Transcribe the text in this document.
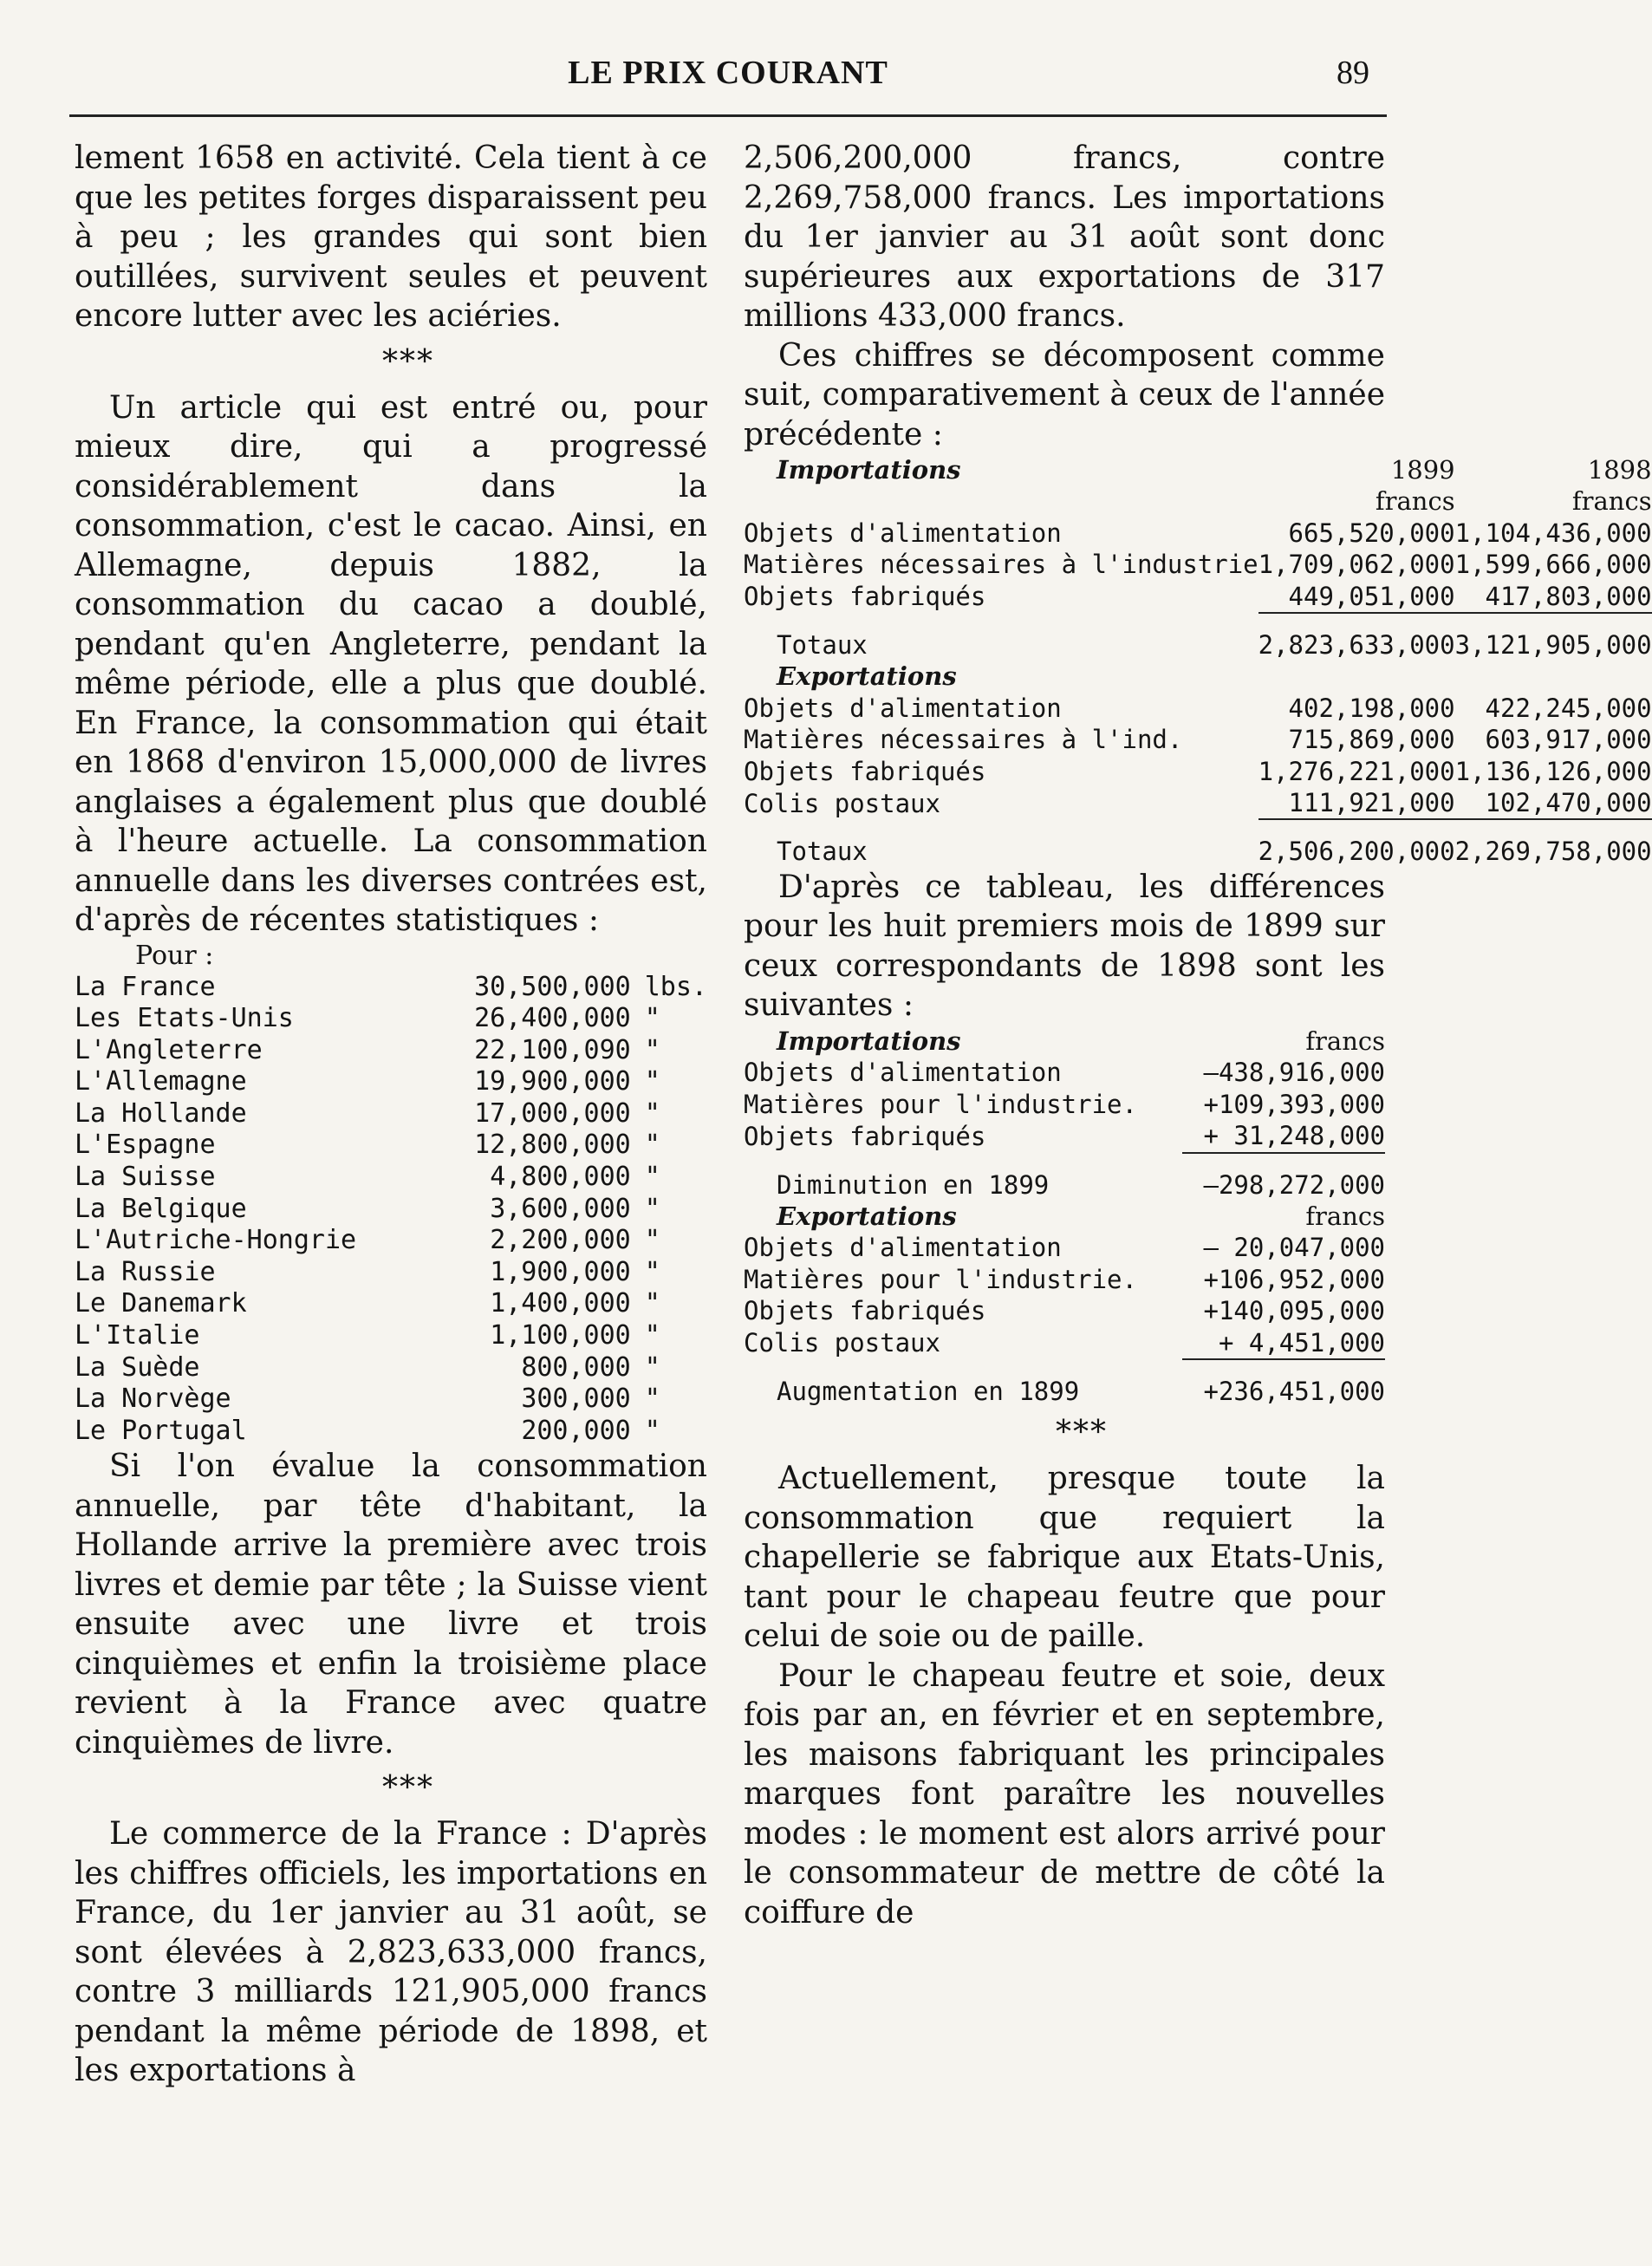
LE PRIX COURANT	89

lement 1658 en activité. Cela tient à ce que les petites forges disparaissent peu à peu ; les grandes qui sont bien outillées, survivent seules et peuvent encore lutter avec les aciéries.

***

Un article qui est entré ou, pour mieux dire, qui a progressé considérablement dans la consommation, c'est le cacao. Ainsi, en Allemagne, depuis 1882, la consommation du cacao a doublé, pendant qu'en Angleterre, pendant la même période, elle a plus que doublé. En France, la consommation qui était en 1868 d'environ 15,000,000 de livres anglaises a également plus que doublé à l'heure actuelle. La consommation annuelle dans les diverses contrées est, d'après de récentes statistiques :

Pour :
La France	30,500,000	lbs.
Les Etats-Unis	26,400,000	"
L'Angleterre	22,100,090	"
L'Allemagne	19,900,000	"
La Hollande	17,000,000	"
L'Espagne	12,800,000	"
La Suisse	4,800,000	"
La Belgique	3,600,000	"
L'Autriche-Hongrie	2,200,000	"
La Russie	1,900,000	"
Le Danemark	1,400,000	"
L'Italie	1,100,000	"
La Suède	800,000	"
La Norvège	300,000	"
Le Portugal	200,000	"

Si l'on évalue la consommation annuelle, par tête d'habitant, la Hollande arrive la première avec trois livres et demie par tête ; la Suisse vient ensuite avec une livre et trois cinquièmes et enfin la troisième place revient à la France avec quatre cinquièmes de livre.

***

Le commerce de la France : D'après les chiffres officiels, les importations en France, du 1er janvier au 31 août, se sont élevées à 2,823,633,000 francs, contre 3 milliards 121,905,000 francs pendant la même période de 1898, et les exportations à

2,506,200,000 francs, contre 2,269,758,000 francs. Les importations du 1er janvier au 31 août sont donc supérieures aux exportations de 317 millions 433,000 francs.

Ces chiffres se décomposent comme suit, comparativement à ceux de l'année précédente :

Importations	1899	1898
	francs	francs
Objets d'alimentation	665,520,000	1,104,436,000
Matières nécessaires à l'industrie	1,709,062,000	1,599,666,000
Objets fabriqués	449,051,000	417,803,000

Totaux	2,823,633,000	3,121,905,000
Exportations		
Objets d'alimentation	402,198,000	422,245,000
Matières nécessaires à l'ind.	715,869,000	603,917,000
Objets fabriqués	1,276,221,000	1,136,126,000
Colis postaux	111,921,000	102,470,000

Totaux	2,506,200,000	2,269,758,000

D'après ce tableau, les différences pour les huit premiers mois de 1899 sur ceux correspondants de 1898 sont les suivantes :

Importations	francs
Objets d'alimentation	—438,916,000
Matières pour l'industrie.	+109,393,000
Objets fabriqués	+ 31,248,000

Diminution en 1899	—298,272,000
Exportations	francs
Objets d'alimentation	— 20,047,000
Matières pour l'industrie.	+106,952,000
Objets fabriqués	+140,095,000
Colis postaux	+ 4,451,000

Augmentation en 1899	+236,451,000
***

Actuellement, presque toute la consommation que requiert la chapellerie se fabrique aux Etats-Unis, tant pour le chapeau feutre que pour celui de soie ou de paille.

Pour le chapeau feutre et soie, deux fois par an, en février et en septembre, les maisons fabriquant les principales marques font paraître les nouvelles modes : le moment est alors arrivé pour le consommateur de mettre de côté la coiffure de
